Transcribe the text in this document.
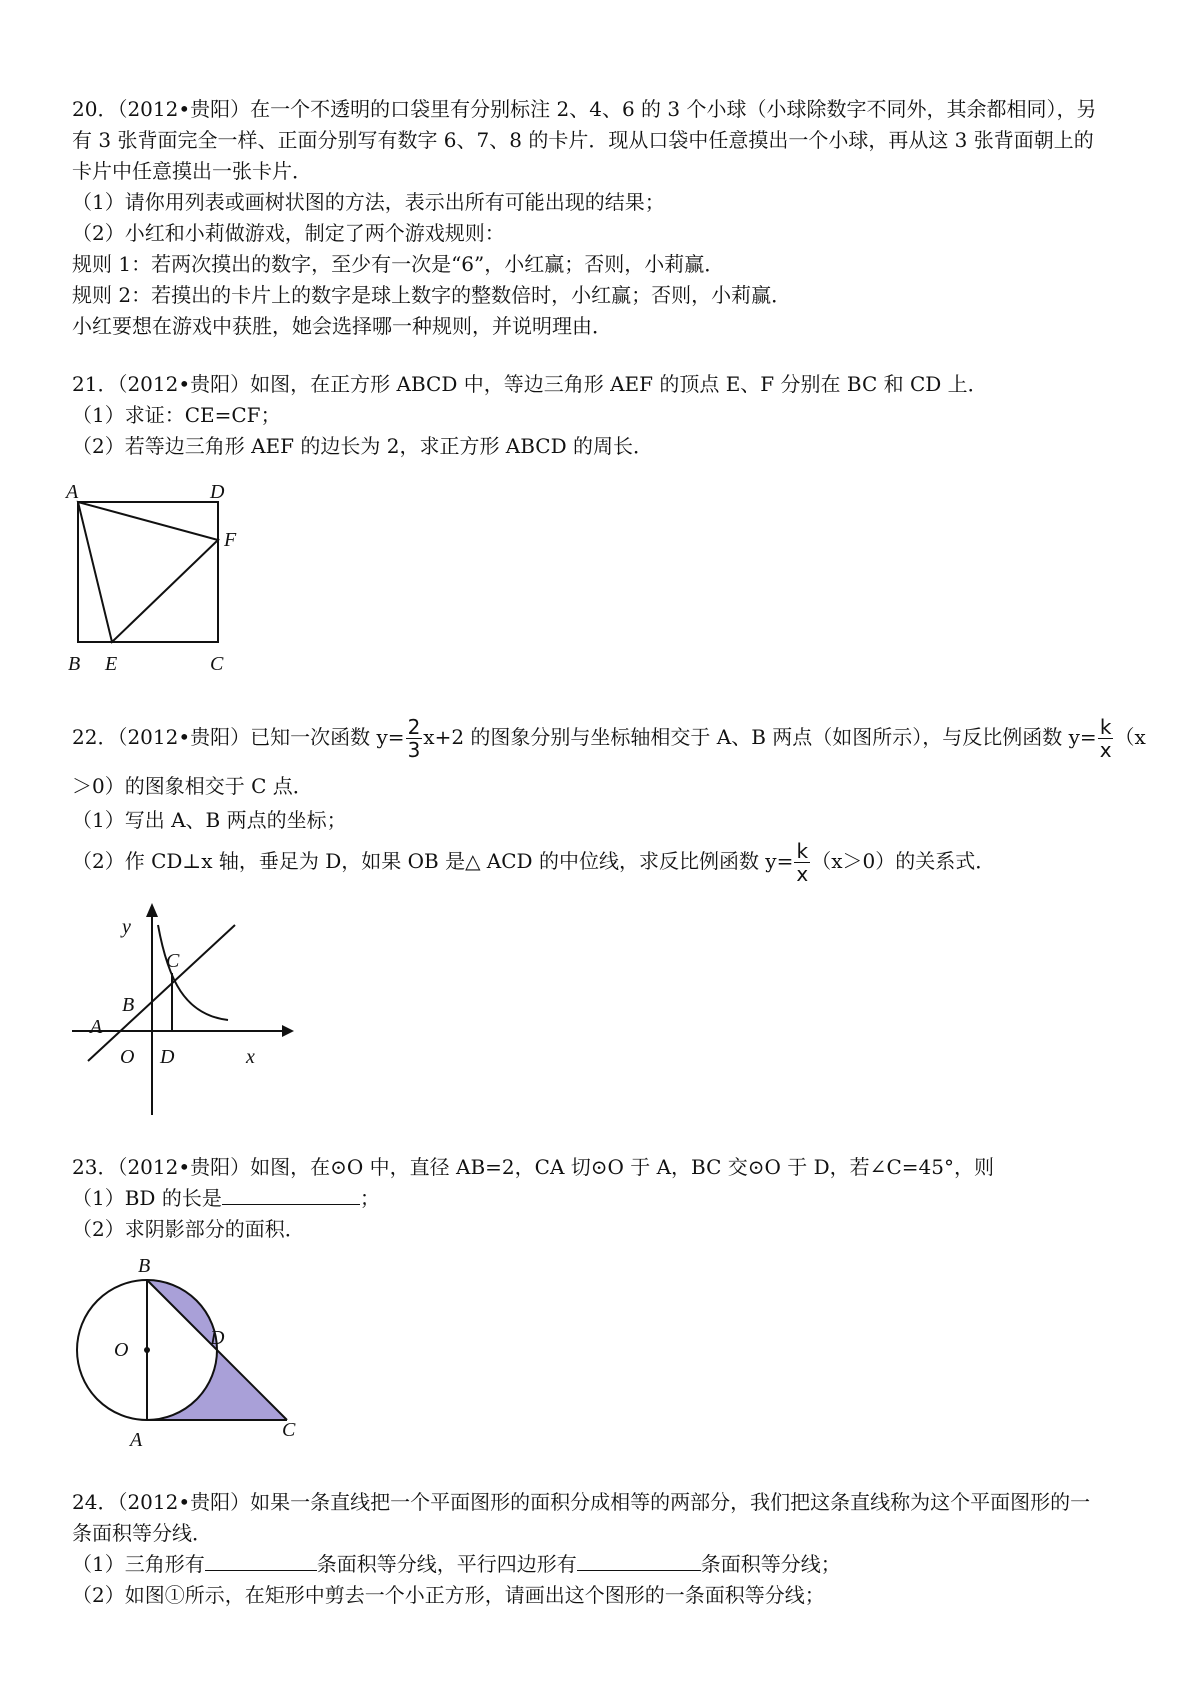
20．（2012•贵阳）在一个不透明的口袋里有分别标注 2、4、6 的 3 个小球（小球除数字不同外，其余都相同），另
有 3 张背面完全一样、正面分别写有数字 6、7、8 的卡片．现从口袋中任意摸出一个小球，再从这 3 张背面朝上的
卡片中任意摸出一张卡片．
（1）请你用列表或画树状图的方法，表示出所有可能出现的结果；
（2）小红和小莉做游戏，制定了两个游戏规则：
规则 1：若两次摸出的数字，至少有一次是“6”，小红赢；否则，小莉赢．
规则 2：若摸出的卡片上的数字是球上数字的整数倍时，小红赢；否则，小莉赢．
小红要想在游戏中获胜，她会选择哪一种规则，并说明理由．
21．（2012•贵阳）如图，在正方形 ABCD 中，等边三角形 AEF 的顶点 E、F 分别在 BC 和 CD 上．
（1）求证：CE=CF；
（2）若等边三角形 AEF 的边长为 2，求正方形 ABCD 的周长．
A	D
F
B E	C
22．（2012•贵阳）已知一次函数 $y= \frac{2}{3} x+2$ 的图象分别与坐标轴相交于 A、B 两点（如图所示），与反比例函数 $y= \frac{k}{x} (x$
＞0）的图象相交于 C 点．
（1）写出 A、B 两点的坐标；
（2）作 CD⊥x 轴，垂足为 D，如果 OB 是△ ACD 的中位线，求反比例函数 $y= \frac{k}{x} (x>0)$的关系式．
y
C
B
A
O D	x
23．（2012•贵阳）如图，在⊙O 中，直径 AB=2，CA 切⊙O 于 A，BC 交⊙O 于 D，若∠C=45°，则
（1）BD 的长是	；
（2）求阴影部分的面积．
B
O
D
A	C
24．（2012•贵阳）如果一条直线把一个平面图形的面积分成相等的两部分，我们把这条直线称为这个平面图形的一
条面积等分线．
（1）三角形有	条面积等分线，平行四边形有	条面积等分线；
（2）如图①所示，在矩形中剪去一个小正方形，请画出这个图形的一条面积等分线；
